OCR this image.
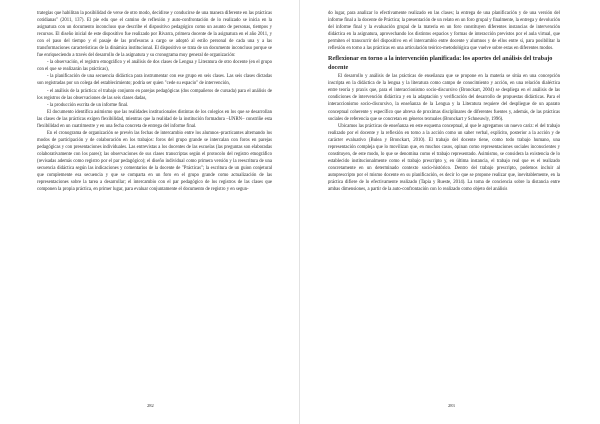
trategias que habilitan la posibilidad de verse de otro modo, decidirse y conducirse de una manera diferente en las prácticas cotidianas" (2011, 137). El pie edu que el camino de reflexión y auto-confrontación de lo realizado se inicia en la asignatura con un documento inconcluso que describe el dispositivo pedagógico como un asunto de personas, tiempos y recursos. El diseño inicial de este dispositivo fue realizado por Rivarra, primera docente de la asignatura en el año 2011, y con el paso del tiempo y el pasaje de las profesoras a cargo se adoptó al estilo personal de cada una y a las transformaciones características de la dinámica institucional. El dispositivo se trata de un documento inconcluso porque se fue enriqueciendo a través del desarrollo de la asignatura y su cronograma muy general de organización:

- la observación, el registro etnográfico y el análisis de dos clases de Lengua y Literatura de otro docente (en el grupo con el que se realizarán las prácticas),

- la planificación de una secuencia didáctica para instrumentar con ese grupo en seis clases. Las seis clases dictadas son registradas por un colega del establecimiento; podría ser quien "cede su espacio" de intervención,

- el análisis de la práctica: el trabajo conjunto en parejas pedagógicas (dos compañeros de cursada) para el análisis de los registros de las observaciones de las seis clases dadas,

- la producción escrita de un informe final.

El documento identifica asimismo que las realidades institucionales distintas de los colegios en los que se desarrollan las clases de las prácticas exigen flexibilidad, mientras que la realidad de la institución formadora –UNRN– constriñe esta flexibilidad en un cuatrimestre y en una fecha concreta de entrega del informe final.

En el cronograma de organización se prevén las fechas de intercambio entre los alumnos–practicantes alternando los modos de participación y de colaboración en los trabajos: foros del grupo grande se intercalan con foros en parejas pedagógicas y con presentaciones individuales. Las entrevistas a los docentes de las escuelas (las preguntas son elaboradas colaborativamente con los pares); las observaciones de sus clases transcriptas según el protocolo del registro etnográfico (revisadas además como registro por el par pedagógico); el diseño individual como primera versión y la reescritura de una secuencia didáctica según las indicaciones y comentarios de la docente de "Prácticas"; la escritura de un guion conjetural que complemente esa secuencia y que se comparta en un foro en el grupo grande como actualización de las representaciones sobre la tarea a desarrollar; el intercambio con el par pedagógico de los registros de las clases que componen la propia práctica, en primer lugar, para evaluar conjuntamente el documento de registro y en segun-

282

do lugar, para analizar lo efectivamente realizado en las clases; la entrega de una planificación y de una versión del informe final a la docente de Práctica; la presentación de un relato en un foro grupal y finalmente, la entrega y devolución del informe final y la evaluación grupal de la materia en un foro constituyen diferentes instancias de intervención didáctica en la asignatura, aprovechando los distintos espacios y formas de interacción previstos por el aula virtual, que permiten el transcurrir del dispositivo en el intercambio entre docente y alumnos y de ellos entre sí, para posibilitar la reflexión en torno a las prácticas en una articulación teórico-metodológica que vuelve sobre estas en diferentes modos.

Reflexionar en torno a la intervención planificada: los aportes del análisis del trabajo docente

El desarrollo y análisis de las prácticas de enseñanza que se propone en la materia se sitúa en una concepción inscripta en la didáctica de la lengua y la literatura como campo de conocimiento y acción, en una relación dialéctica entre teoría y praxis que, para el interaccionismo socio-discursivo (Bronckart, 2004) se despliega en el análisis de las condiciones de intervención didáctica y en la adaptación y verificación del desarrollo de propuestas didácticas. Para el interaccionismo socio-discursivo, la enseñanza de la Lengua y la Literatura requiere del despliegue de un aparato conceptual coherente y específico que abreva de proximas disciplinares de diferentes fuentes y, además, de las prácticas sociales de referencia que se concretan en géneros textuales (Bronckart y Schneuwly, 1996).

Ubicamos las prácticas de enseñanza en este esquema conceptual, al que le agregamos un nuevo cariz: el del trabajo realizado por el docente y la reflexión en torno a la acción como un saber verbal, explícito, posterior a la acción y de carácter evaluativo (Bulea y Bronckart, 2010). El trabajo del docente tiene, como todo trabajo humano, una representación compleja que lo movilizan que, en muchos casos, opinan como representaciones sociales inconscientes y constituyen, de este modo, lo que se denomina como el trabajo representado. Asimismo, se considera la existencia de lo establecido institucionalmente como el trabajo prescripto y, en última instancia, el trabajo real que es el realizado concretamente en un determinado contexto socio-histórico. Dentro del trabajo prescripto, podemos incluir al autoprescripto por el mismo docente en su planificación, es decir lo que se propone realizar que, inevitablemente, en la práctica difiere de lo efectivamente realizado (Tapia y Rueste, 2014). La toma de conciencia sobre la distancia entre ambas dimensiones, a partir de la auto-confrontación con lo realizado como objeto del análisis

283
